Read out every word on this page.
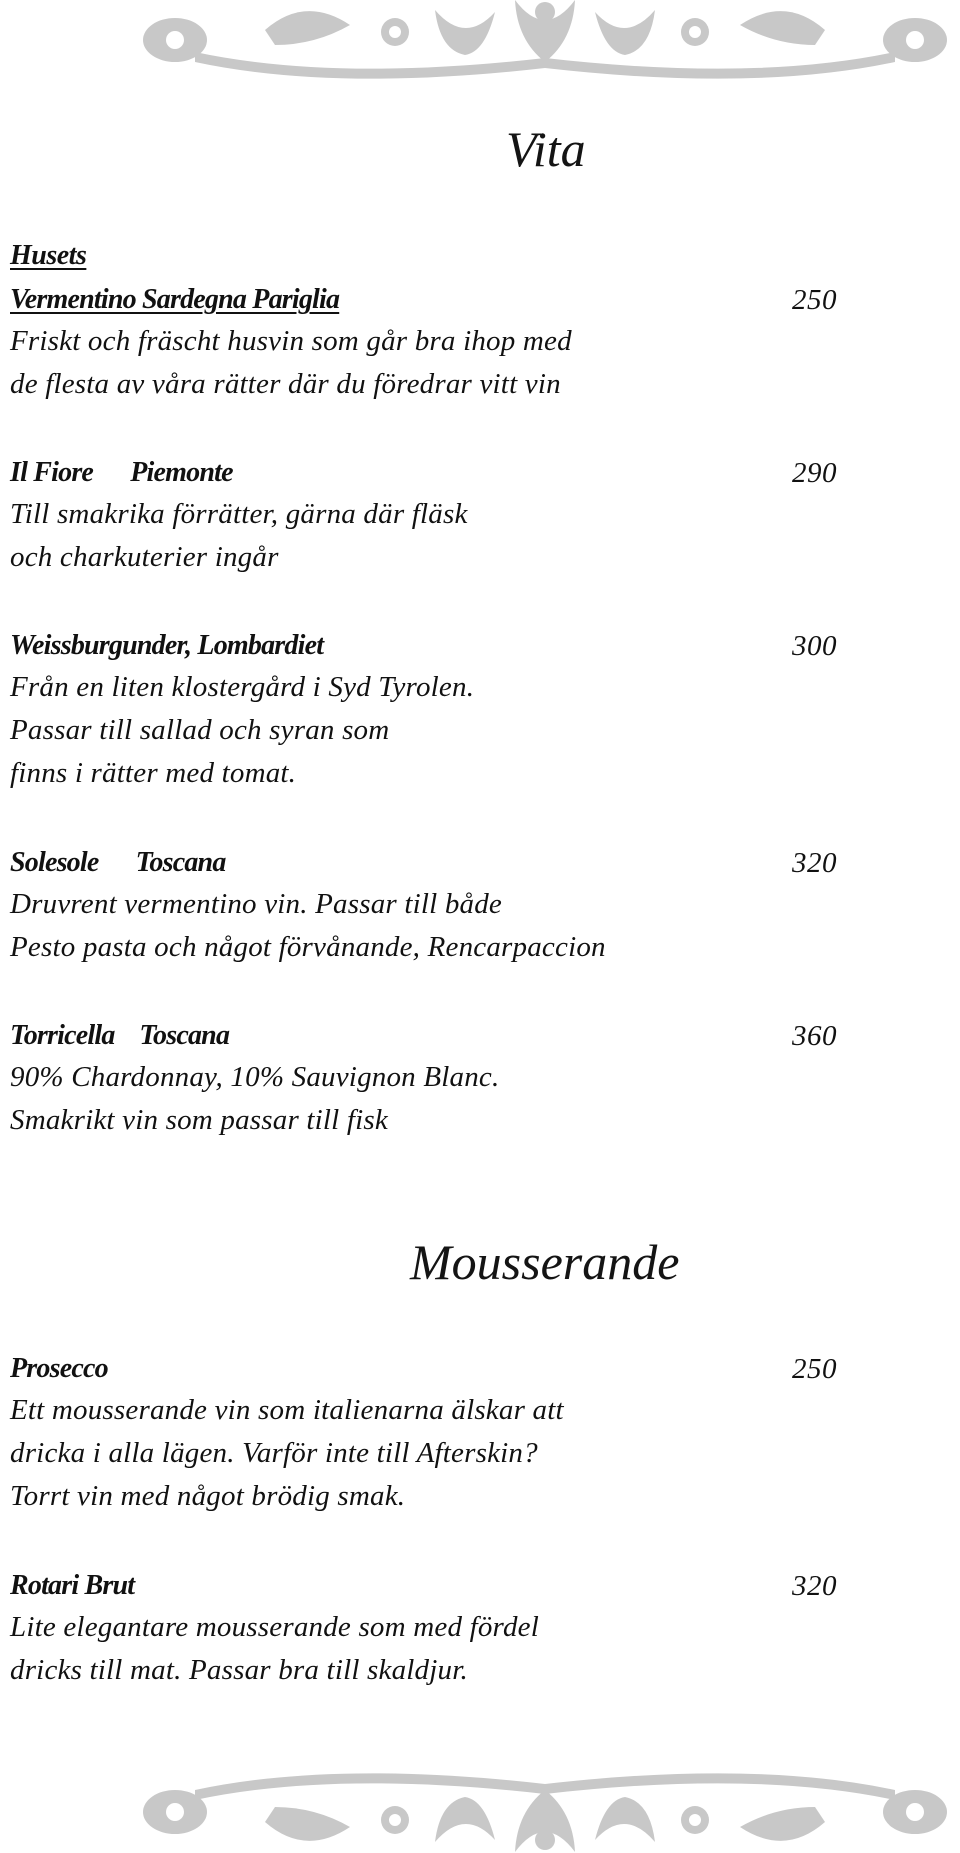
Vita
Husets
Vermentino Sardegna Pariglia	250
Friskt och fräscht husvin som går bra ihop med
de flesta av våra rätter där du föredrar vitt vin
Il Fiore      Piemonte	290
Till smakrika förrätter, gärna där fläsk
och charkuterier ingår
Weissburgunder, Lombardiet	300
Från en liten klostergård i Syd Tyrolen.
Passar till sallad och syran som
finns i rätter med tomat.
Solesole      Toscana	320
Druvrent vermentino vin. Passar till både
Pesto pasta och något förvånande, Rencarpaccion
Torricella    Toscana	360
90% Chardonnay, 10% Sauvignon Blanc.
Smakrikt vin som passar till fisk
Mousserande
Prosecco	250
Ett mousserande vin som italienarna älskar att
dricka i alla lägen. Varför inte till Afterskin?
Torrt vin med något brödig smak.
Rotari Brut	320
Lite elegantare mousserande som med fördel
dricks till mat. Passar bra till skaldjur.
